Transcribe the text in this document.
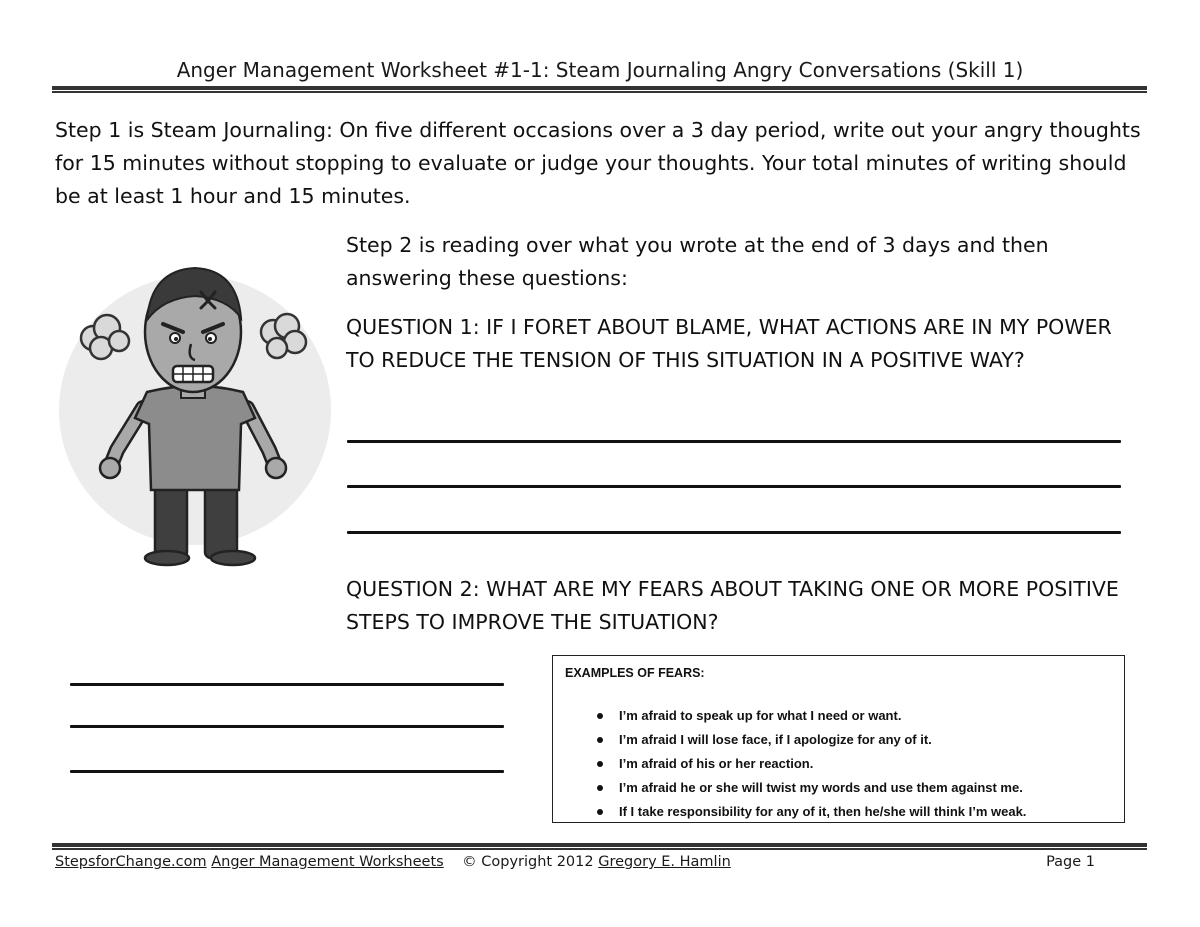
Anger Management Worksheet #1-1: Steam Journaling Angry Conversations (Skill 1)
Step 1 is Steam Journaling: On five different occasions over a 3 day period, write out your angry thoughts for 15 minutes without stopping to evaluate or judge your thoughts. Your total minutes of writing should be at least 1 hour and 15 minutes.
Step 2 is reading over what you wrote at the end of 3 days and then answering these questions:
QUESTION 1: IF I FORET ABOUT BLAME, WHAT ACTIONS ARE IN MY POWER TO REDUCE THE TENSION OF THIS SITUATION IN A POSITIVE WAY?
QUESTION 2: WHAT ARE MY FEARS ABOUT TAKING ONE OR MORE POSITIVE STEPS TO IMPROVE THE SITUATION?
EXAMPLES OF FEARS:
I’m afraid to speak up for what I need or want.
I’m afraid I will lose face, if I apologize for any of it.
I’m afraid of his or her reaction.
I’m afraid he or she will twist my words and use them against me.
If I take responsibility for any of it, then he/she will think I’m weak.
StepsforChange.com Anger Management Worksheets © Copyright 2012 Gregory E. Hamlin	Page 1
